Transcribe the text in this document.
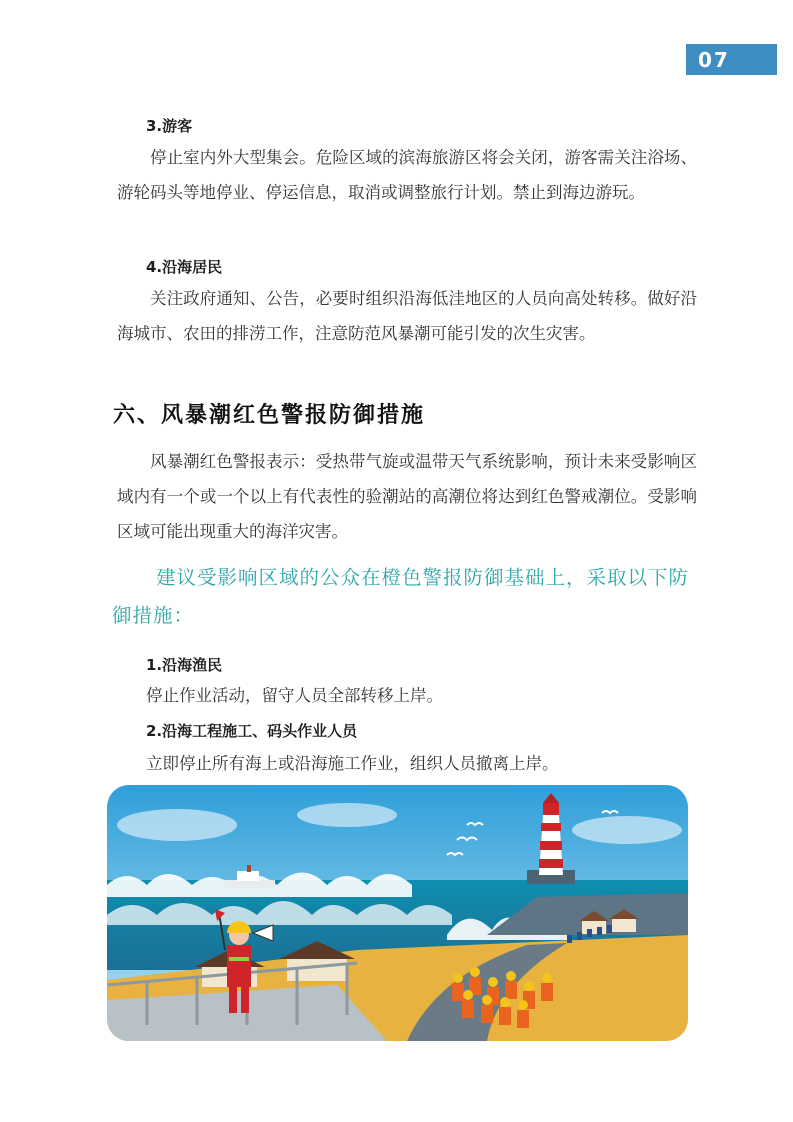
07
3.游客
停止室内外大型集会。危险区域的滨海旅游区将会关闭，游客需关注浴场、游轮码头等地停业、停运信息，取消或调整旅行计划。禁止到海边游玩。
4.沿海居民
关注政府通知、公告，必要时组织沿海低洼地区的人员向高处转移。做好沿海城市、农田的排涝工作，注意防范风暴潮可能引发的次生灾害。
六、风暴潮红色警报防御措施
风暴潮红色警报表示：受热带气旋或温带天气系统影响，预计未来受影响区域内有一个或一个以上有代表性的验潮站的高潮位将达到红色警戒潮位。受影响区域可能出现重大的海洋灾害。
建议受影响区域的公众在橙色警报防御基础上，采取以下防御措施：
1.沿海渔民
停止作业活动，留守人员全部转移上岸。
2.沿海工程施工、码头作业人员
立即停止所有海上或沿海施工作业，组织人员撤离上岸。
